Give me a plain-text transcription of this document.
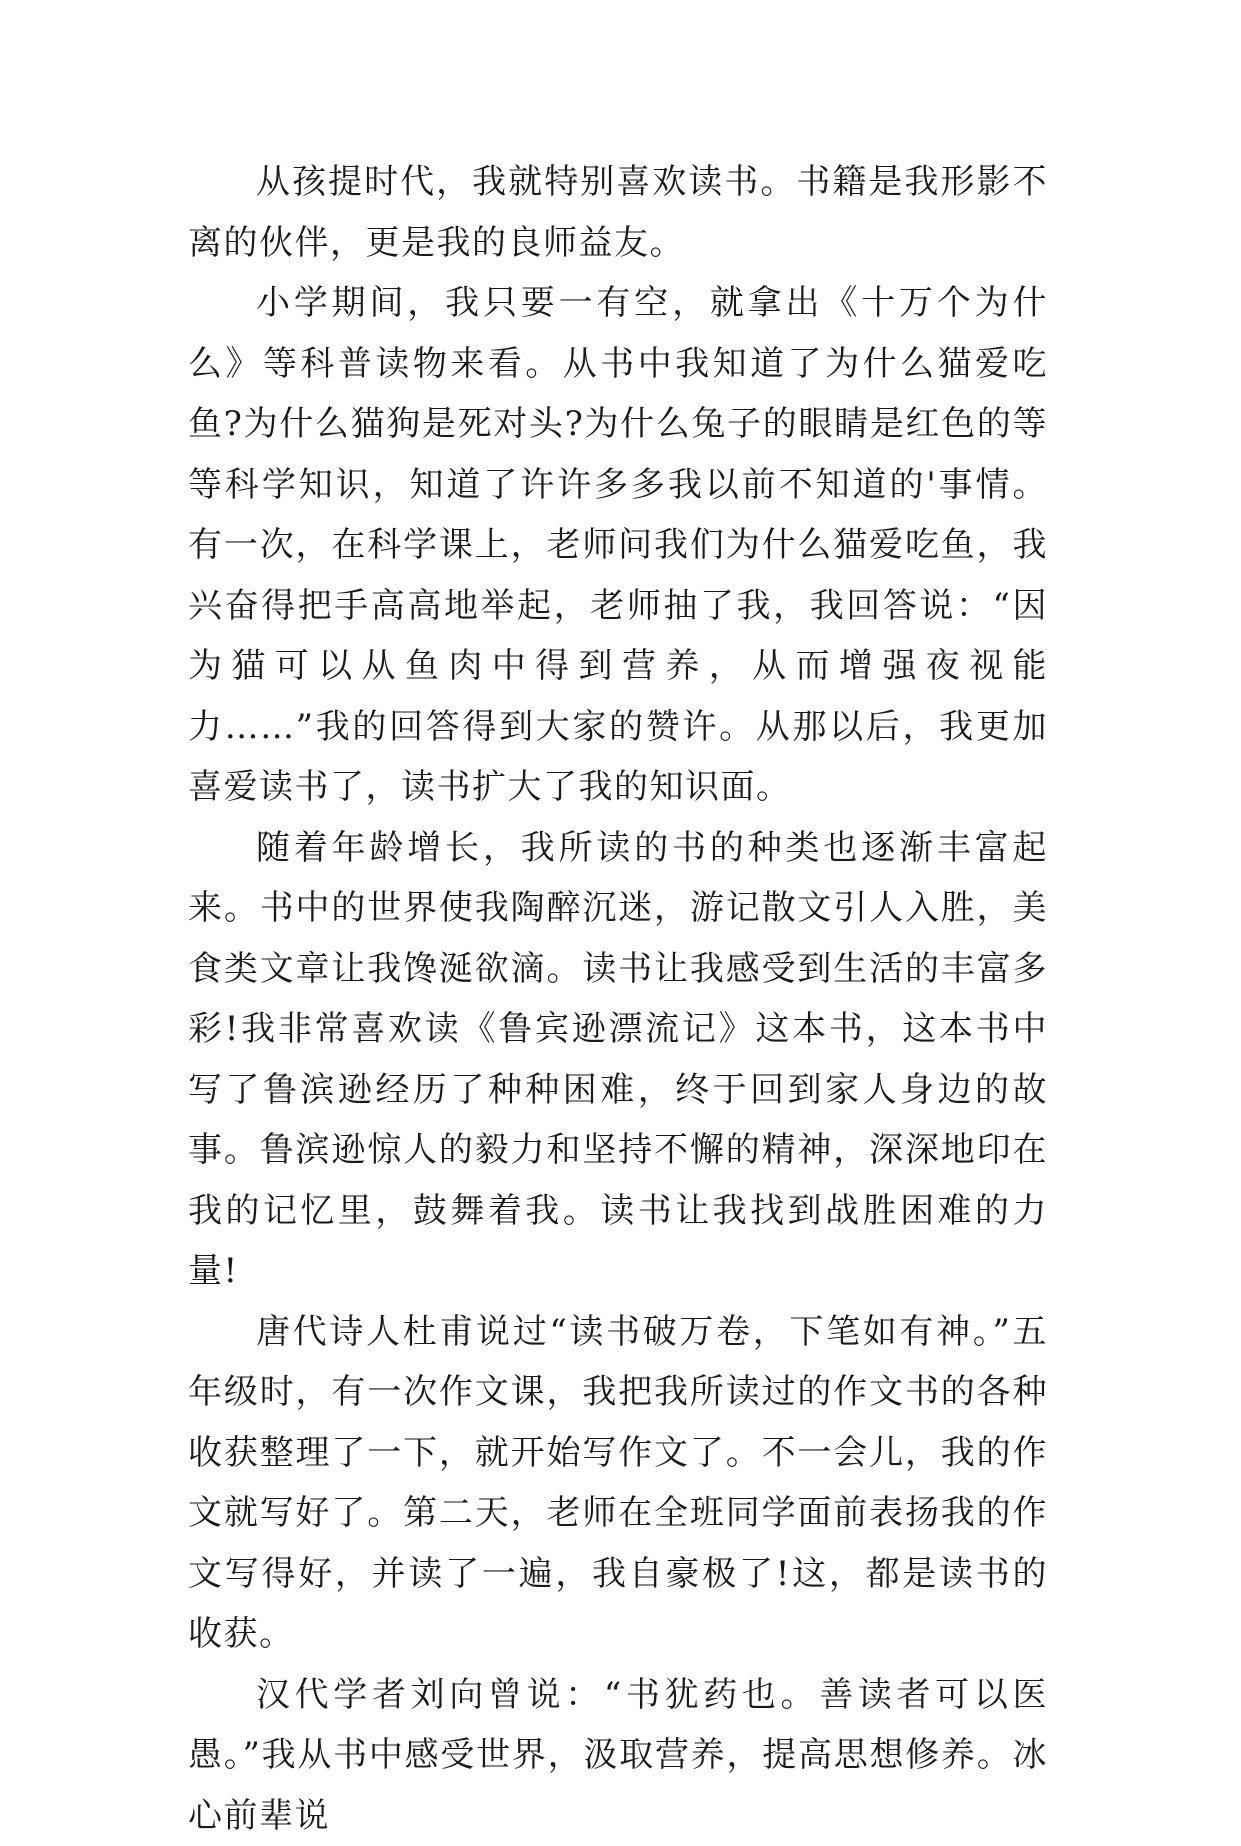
从孩提时代，我就特别喜欢读书。书籍是我形影不离的伙伴，更是我的良师益友。

小学期间，我只要一有空，就拿出《十万个为什么》等科普读物来看。从书中我知道了为什么猫爱吃鱼?为什么猫狗是死对头?为什么兔子的眼睛是红色的等等科学知识，知道了许许多多我以前不知道的'事情。有一次，在科学课上，老师问我们为什么猫爱吃鱼，我兴奋得把手高高地举起，老师抽了我，我回答说：“因为猫可以从鱼肉中得到营养，从而增强夜视能力……”我的回答得到大家的赞许。从那以后，我更加喜爱读书了，读书扩大了我的知识面。

随着年龄增长，我所读的书的种类也逐渐丰富起来。书中的世界使我陶醉沉迷，游记散文引人入胜，美食类文章让我馋涎欲滴。读书让我感受到生活的丰富多彩!我非常喜欢读《鲁宾逊漂流记》这本书，这本书中写了鲁滨逊经历了种种困难，终于回到家人身边的故事。鲁滨逊惊人的毅力和坚持不懈的精神，深深地印在我的记忆里，鼓舞着我。读书让我找到战胜困难的力量!

唐代诗人杜甫说过“读书破万卷，下笔如有神。”五年级时，有一次作文课，我把我所读过的作文书的各种收获整理了一下，就开始写作文了。不一会儿，我的作文就写好了。第二天，老师在全班同学面前表扬我的作文写得好，并读了一遍，我自豪极了!这，都是读书的收获。

汉代学者刘向曾说：“书犹药也。善读者可以医愚。”我从书中感受世界，汲取营养，提高思想修养。冰心前辈说
